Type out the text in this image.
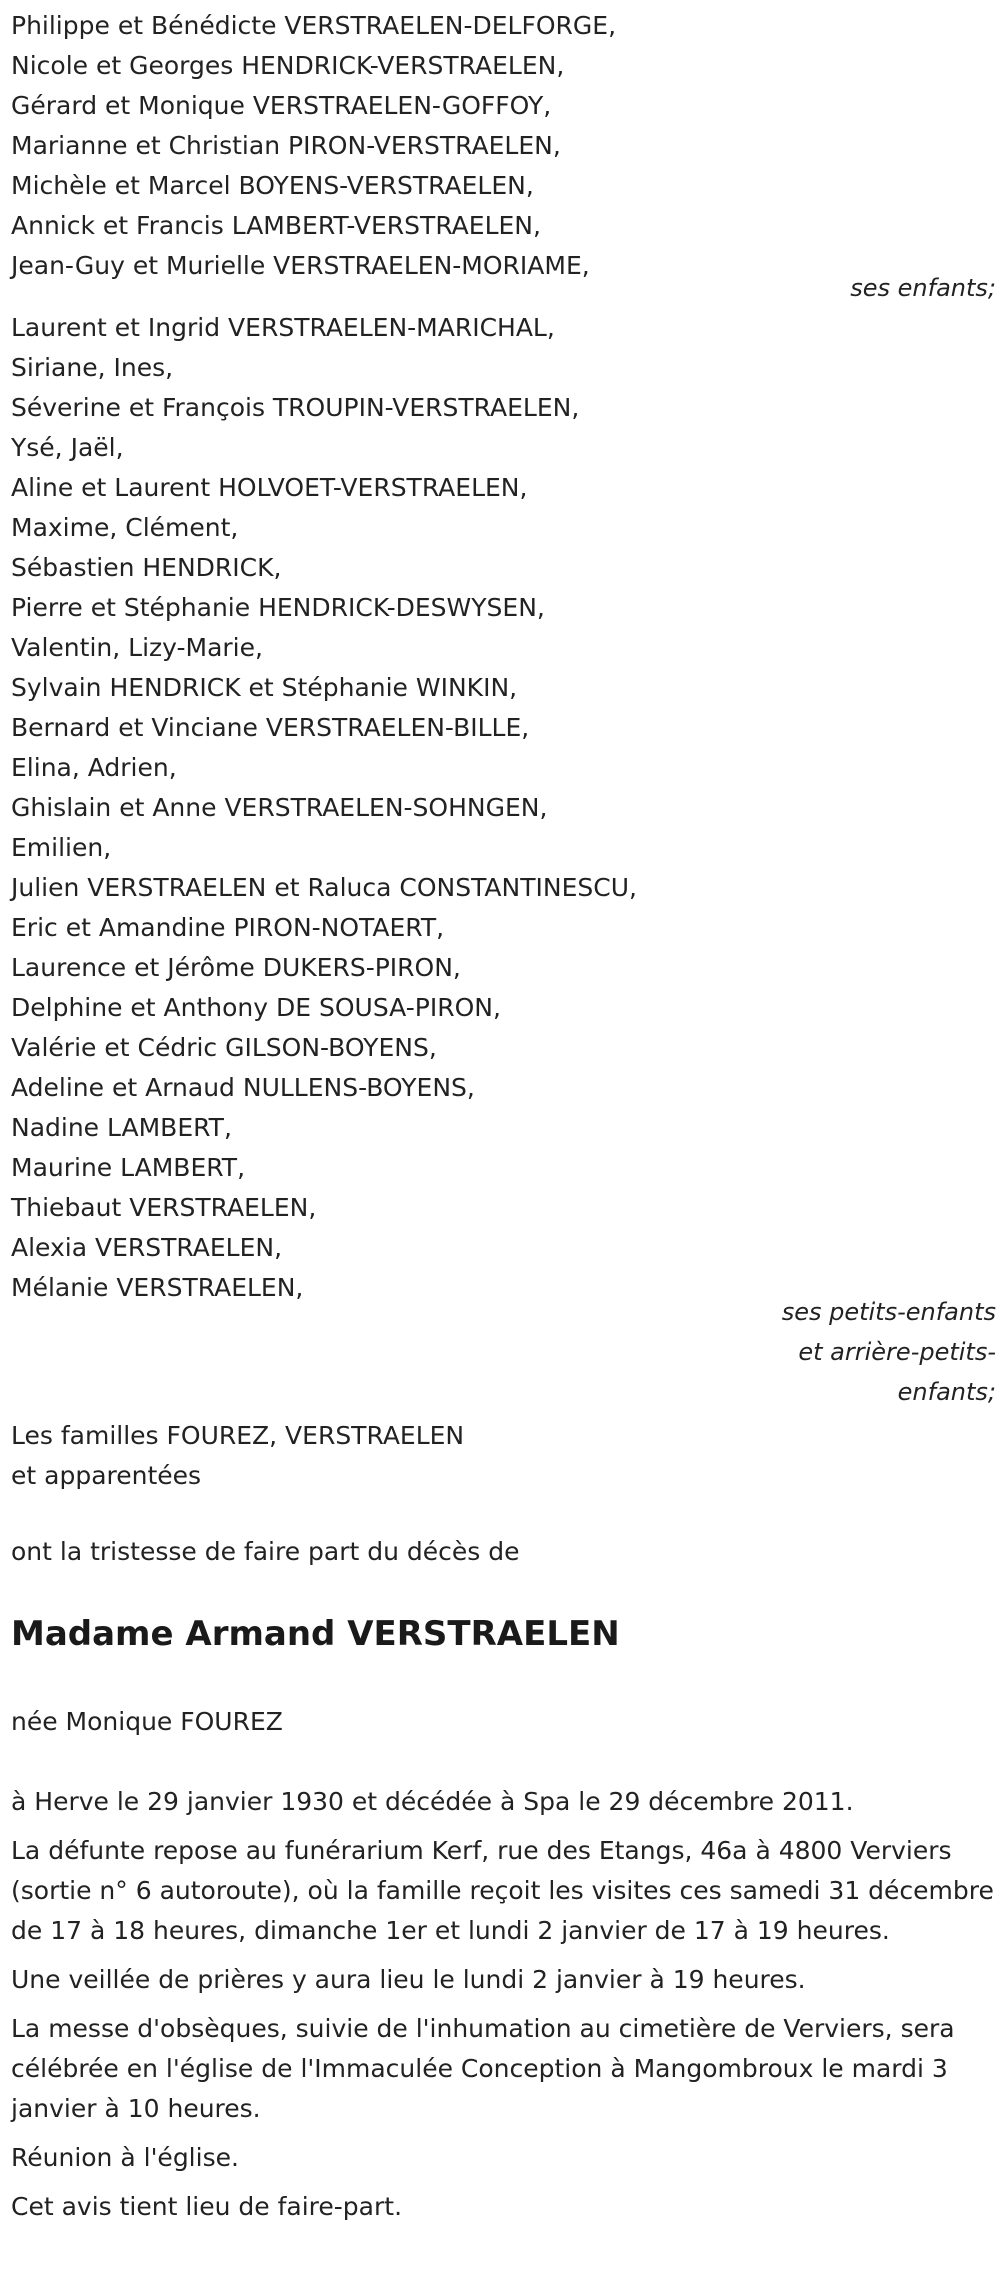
Philippe et Bénédicte VERSTRAELEN-DELFORGE,
Nicole et Georges HENDRICK-VERSTRAELEN,
Gérard et Monique VERSTRAELEN-GOFFOY,
Marianne et Christian PIRON-VERSTRAELEN,
Michèle et Marcel BOYENS-VERSTRAELEN,
Annick et Francis LAMBERT-VERSTRAELEN,
Jean-Guy et Murielle VERSTRAELEN-MORIAME,
ses enfants;
Laurent et Ingrid VERSTRAELEN-MARICHAL,
Siriane, Ines,
Séverine et François TROUPIN-VERSTRAELEN,
Ysé, Jaël,
Aline et Laurent HOLVOET-VERSTRAELEN,
Maxime, Clément,
Sébastien HENDRICK,
Pierre et Stéphanie HENDRICK-DESWYSEN,
Valentin, Lizy-Marie,
Sylvain HENDRICK et Stéphanie WINKIN,
Bernard et Vinciane VERSTRAELEN-BILLE,
Elina, Adrien,
Ghislain et Anne VERSTRAELEN-SOHNGEN,
Emilien,
Julien VERSTRAELEN et Raluca CONSTANTINESCU,
Eric et Amandine PIRON-NOTAERT,
Laurence et Jérôme DUKERS-PIRON,
Delphine et Anthony DE SOUSA-PIRON,
Valérie et Cédric GILSON-BOYENS,
Adeline et Arnaud NULLENS-BOYENS,
Nadine LAMBERT,
Maurine LAMBERT,
Thiebaut VERSTRAELEN,
Alexia VERSTRAELEN,
Mélanie VERSTRAELEN,
ses petits-enfants
et arrière-petits-
enfants;
Les familles FOUREZ, VERSTRAELEN
et apparentées
ont la tristesse de faire part du décès de
Madame Armand VERSTRAELEN
née Monique FOUREZ

à Herve le 29 janvier 1930 et décédée à Spa le 29 décembre 2011.

La défunte repose au funérarium Kerf, rue des Etangs, 46a à 4800 Verviers (sortie n° 6 autoroute), où la famille reçoit les visites ces samedi 31 décembre de 17 à 18 heures, dimanche 1er et lundi 2 janvier de 17 à 19 heures.

Une veillée de prières y aura lieu le lundi 2 janvier à 19 heures.

La messe d'obsèques, suivie de l'inhumation au cimetière de Verviers, sera célébrée en l'église de l'Immaculée Conception à Mangombroux le mardi 3 janvier à 10 heures.

Réunion à l'église.

Cet avis tient lieu de faire-part.
